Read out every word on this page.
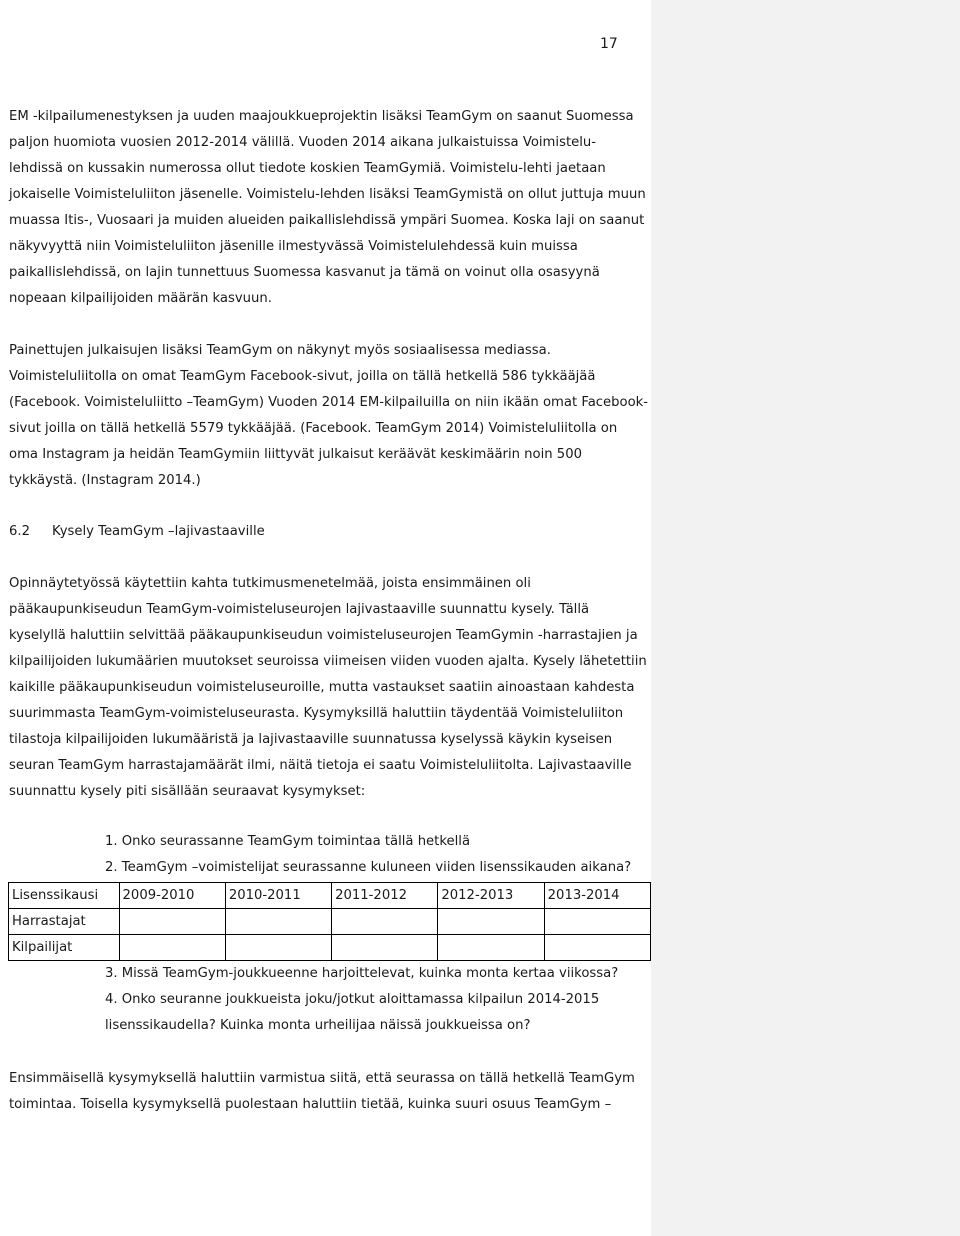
17

EM -kilpailumenestyksen ja uuden maajoukkueprojektin lisäksi TeamGym on saanut Suomessa paljon huomiota vuosien 2012-2014 välillä. Vuoden 2014 aikana julkaistuissa Voimistelu-lehdissä on kussakin numerossa ollut tiedote koskien TeamGymiä. Voimistelu-lehti jaetaan jokaiselle Voimisteluliiton jäsenelle. Voimistelu-lehden lisäksi TeamGymistä on ollut juttuja muun muassa Itis-, Vuosaari ja muiden alueiden paikallislehdissä ympäri Suomea. Koska laji on saanut näkyvyyttä niin Voimisteluliiton jäsenille ilmestyvässä Voimistelulehdessä kuin muissa paikallislehdissä, on lajin tunnettuus Suomessa kasvanut ja tämä on voinut olla osasyynä nopeaan kilpailijoiden määrän kasvuun.

Painettujen julkaisujen lisäksi TeamGym on näkynyt myös sosiaalisessa mediassa. Voimisteluliitolla on omat TeamGym Facebook-sivut, joilla on tällä hetkellä 586 tykkääjää (Facebook. Voimisteluliitto –TeamGym) Vuoden 2014 EM-kilpailuilla on niin ikään omat Facebook-sivut joilla on tällä hetkellä 5579 tykkääjää. (Facebook. TeamGym 2014) Voimisteluliitolla on oma Instagram ja heidän TeamGymiin liittyvät julkaisut keräävät keskimäärin noin 500 tykkäystä. (Instagram 2014.)

6.2 Kysely TeamGym –lajivastaaville

Opinnäytetyössä käytettiin kahta tutkimusmenetelmää, joista ensimmäinen oli pääkaupunkiseudun TeamGym-voimisteluseurojen lajivastaaville suunnattu kysely. Tällä kyselyllä haluttiin selvittää pääkaupunkiseudun voimisteluseurojen TeamGymin -harrastajien ja kilpailijoiden lukumäärien muutokset seuroissa viimeisen viiden vuoden ajalta. Kysely lähetettiin kaikille pääkaupunkiseudun voimisteluseuroille, mutta vastaukset saatiin ainoastaan kahdesta suurimmasta TeamGym-voimisteluseurasta. Kysymyksillä haluttiin täydentää Voimisteluliiton tilastoja kilpailijoiden lukumääristä ja lajivastaaville suunnatussa kyselyssä käykin kyseisen seuran TeamGym harrastajamäärät ilmi, näitä tietoja ei saatu Voimisteluliitolta. Lajivastaaville suunnattu kysely piti sisällään seuraavat kysymykset:

1. Onko seurassanne TeamGym toimintaa tällä hetkellä
2. TeamGym –voimistelijat seurassanne kuluneen viiden lisenssikauden aikana?
Lisenssikausi	2009-2010	2010-2011	2011-2012	2012-2013	2013-2014
Harrastajat					
Kilpailijat					
3. Missä TeamGym-joukkueenne harjoittelevat, kuinka monta kertaa viikossa?
4. Onko seuranne joukkueista joku/jotkut aloittamassa kilpailun 2014-2015 lisenssikaudella? Kuinka monta urheilijaa näissä joukkueissa on?

Ensimmäisellä kysymyksellä haluttiin varmistua siitä, että seurassa on tällä hetkellä TeamGym toimintaa. Toisella kysymyksellä puolestaan haluttiin tietää, kuinka suuri osuus TeamGym –
